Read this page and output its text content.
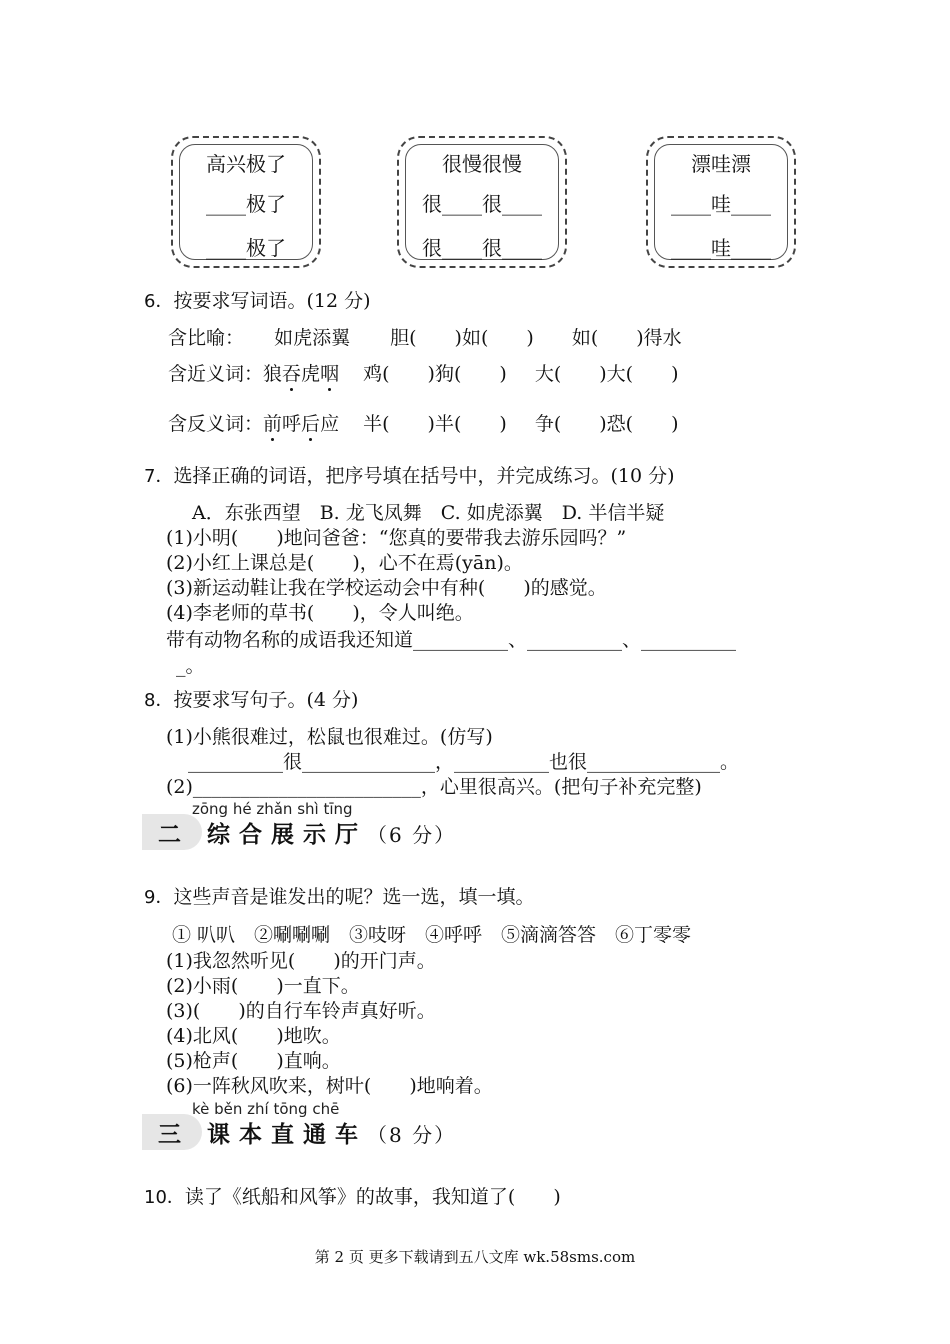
高兴极了
____极了
____极了
很慢很慢
很____很____
很____很____
漂哇漂
____哇____
____哇____
6．按要求写词语。(12 分)
含比喻： 如虎添翼 胆(　　)如(　　) 如(　　)得水
含近义词：狼吞虎咽 鸡(　　)狗(　　) 大(　　)大(　　)
含反义词：前呼后应 半(　　)半(　　) 争(　　)恐(　　)
7．选择正确的词语，把序号填在括号中，并完成练习。(10 分)
A．东张西望　B. 龙飞凤舞　C. 如虎添翼　D. 半信半疑
(1)小明(　　)地问爸爸：“您真的要带我去游乐园吗？”
(2)小红上课总是(　　)，心不在焉(yān)。
(3)新运动鞋让我在学校运动会中有种(　　)的感觉。
(4)李老师的草书(　　)，令人叫绝。
带有动物名称的成语我还知道__________、__________、__________
_。
8．按要求写句子。(4 分)
(1)小熊很难过，松鼠也很难过。(仿写)
__________很______________，__________也很______________。
(2)________________________，心里很高兴。(把句子补充完整)
zōng hé zhǎn shì tīng
二 综合展示厅（6 分）
9．这些声音是谁发出的呢？选一选，填一填。
① 叭叭　②唰唰唰　③吱呀　④呼呼　⑤滴滴答答　⑥丁零零
(1)我忽然听见(　　)的开门声。
(2)小雨(　　)一直下。
(3)(　　)的自行车铃声真好听。
(4)北风(　　)地吹。
(5)枪声(　　)直响。
(6)一阵秋风吹来，树叶(　　)地响着。
kè běn zhí tōng chē
三 课本直通车（8 分）
10．读了《纸船和风筝》的故事，我知道了(　　)
第 2 页 更多下载请到五八文库 wk.58sms.com
